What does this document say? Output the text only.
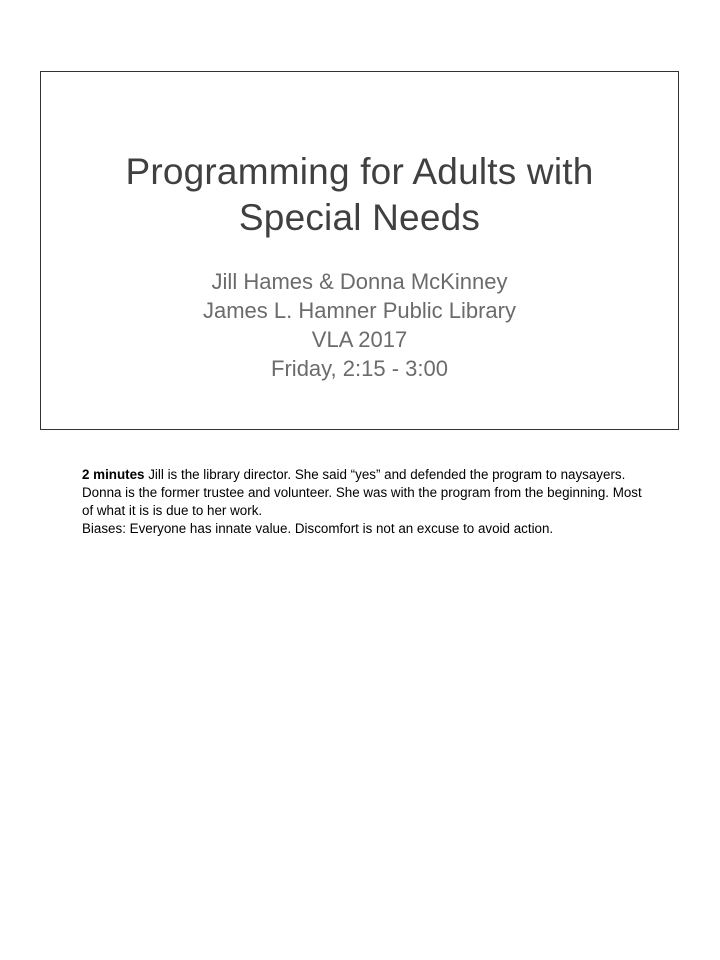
Programming for Adults with
Special Needs
Jill Hames & Donna McKinney
James L. Hamner Public Library
VLA 2017
Friday, 2:15 - 3:00

2 minutes Jill is the library director. She said “yes” and defended the program to naysayers.

Donna is the former trustee and volunteer. She was with the program from the beginning. Most of what it is is due to her work.

Biases: Everyone has innate value. Discomfort is not an excuse to avoid action.
